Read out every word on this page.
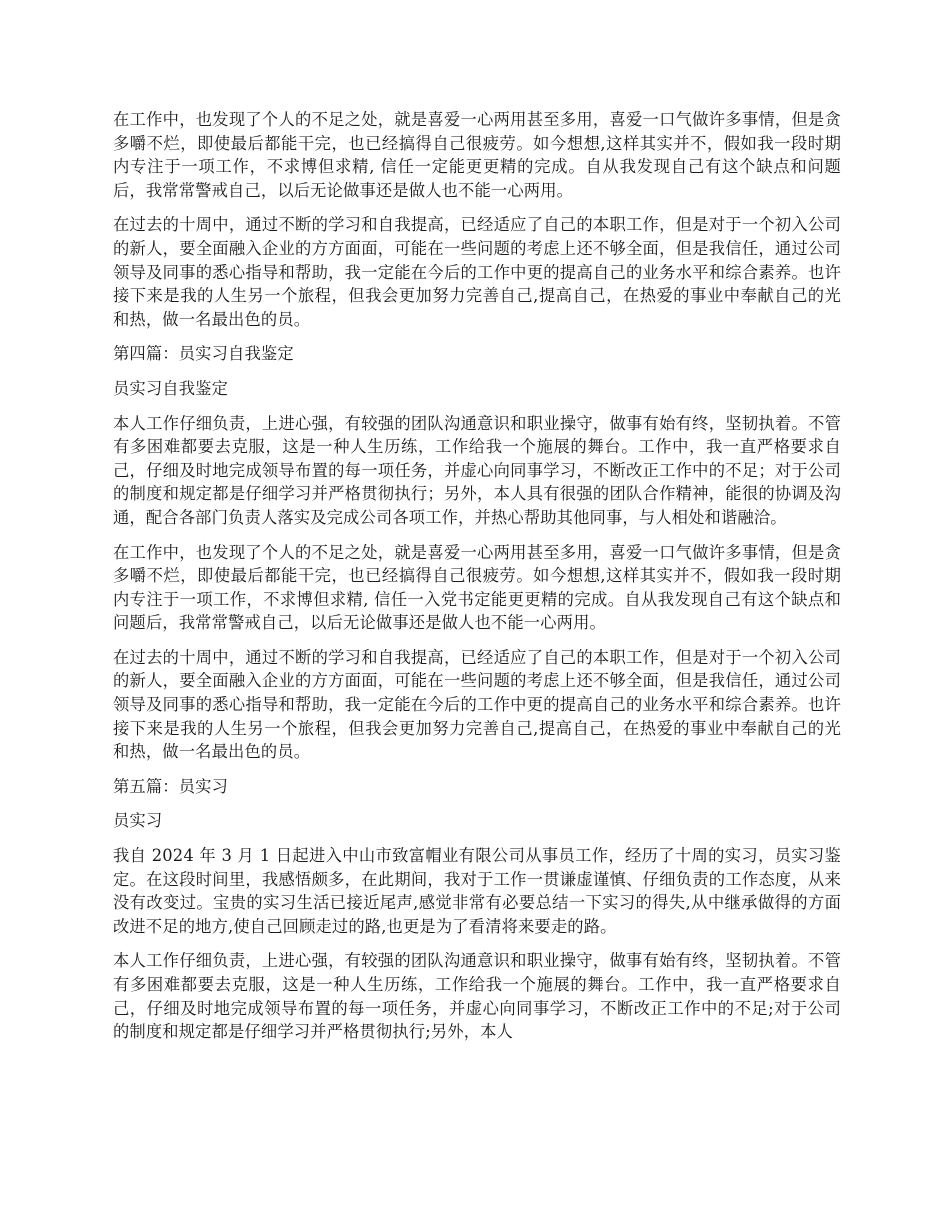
在工作中，也发现了个人的不足之处，就是喜爱一心两用甚至多用，喜爱一口气做许多事情，但是贪多嚼不烂，即使最后都能干完，也已经搞得自己很疲劳。如今想想,这样其实并不，假如我一段时期内专注于一项工作，不求博但求精, 信任一定能更更精的完成。自从我发现自己有这个缺点和问题后，我常常警戒自己，以后无论做事还是做人也不能一心两用。

在过去的十周中，通过不断的学习和自我提高，已经适应了自己的本职工作，但是对于一个初入公司的新人，要全面融入企业的方方面面，可能在一些问题的考虑上还不够全面，但是我信任，通过公司领导及同事的悉心指导和帮助，我一定能在今后的工作中更的提高自己的业务水平和综合素养。也许接下来是我的人生另一个旅程，但我会更加努力完善自己,提高自己，在热爱的事业中奉献自己的光和热，做一名最出色的员。

第四篇：员实习自我鉴定

员实习自我鉴定

本人工作仔细负责，上进心强，有较强的团队沟通意识和职业操守，做事有始有终，坚韧执着。不管有多困难都要去克服，这是一种人生历练，工作给我一个施展的舞台。工作中，我一直严格要求自己，仔细及时地完成领导布置的每一项任务，并虚心向同事学习，不断改正工作中的不足；对于公司的制度和规定都是仔细学习并严格贯彻执行；另外，本人具有很强的团队合作精神，能很的协调及沟通，配合各部门负责人落实及完成公司各项工作，并热心帮助其他同事，与人相处和谐融洽。

在工作中，也发现了个人的不足之处，就是喜爱一心两用甚至多用，喜爱一口气做许多事情，但是贪多嚼不烂，即使最后都能干完，也已经搞得自己很疲劳。如今想想,这样其实并不，假如我一段时期内专注于一项工作，不求博但求精, 信任一入党书定能更更精的完成。自从我发现自己有这个缺点和问题后，我常常警戒自己，以后无论做事还是做人也不能一心两用。

在过去的十周中，通过不断的学习和自我提高，已经适应了自己的本职工作，但是对于一个初入公司的新人，要全面融入企业的方方面面，可能在一些问题的考虑上还不够全面，但是我信任，通过公司领导及同事的悉心指导和帮助，我一定能在今后的工作中更的提高自己的业务水平和综合素养。也许接下来是我的人生另一个旅程，但我会更加努力完善自己,提高自己，在热爱的事业中奉献自己的光和热，做一名最出色的员。

第五篇：员实习

员实习

我自 2024 年 3 月 1 日起进入中山市致富帽业有限公司从事员工作，经历了十周的实习，员实习鉴定。在这段时间里，我感悟颇多，在此期间，我对于工作一贯谦虚谨慎、仔细负责的工作态度，从来没有改变过。宝贵的实习生活已接近尾声,感觉非常有必要总结一下实习的得失,从中继承做得的方面改进不足的地方,使自己回顾走过的路,也更是为了看清将来要走的路。

本人工作仔细负责，上进心强，有较强的团队沟通意识和职业操守，做事有始有终，坚韧执着。不管有多困难都要去克服，这是一种人生历练，工作给我一个施展的舞台。工作中，我一直严格要求自己，仔细及时地完成领导布置的每一项任务，并虚心向同事学习，不断改正工作中的不足;对于公司的制度和规定都是仔细学习并严格贯彻执行;另外，本人
